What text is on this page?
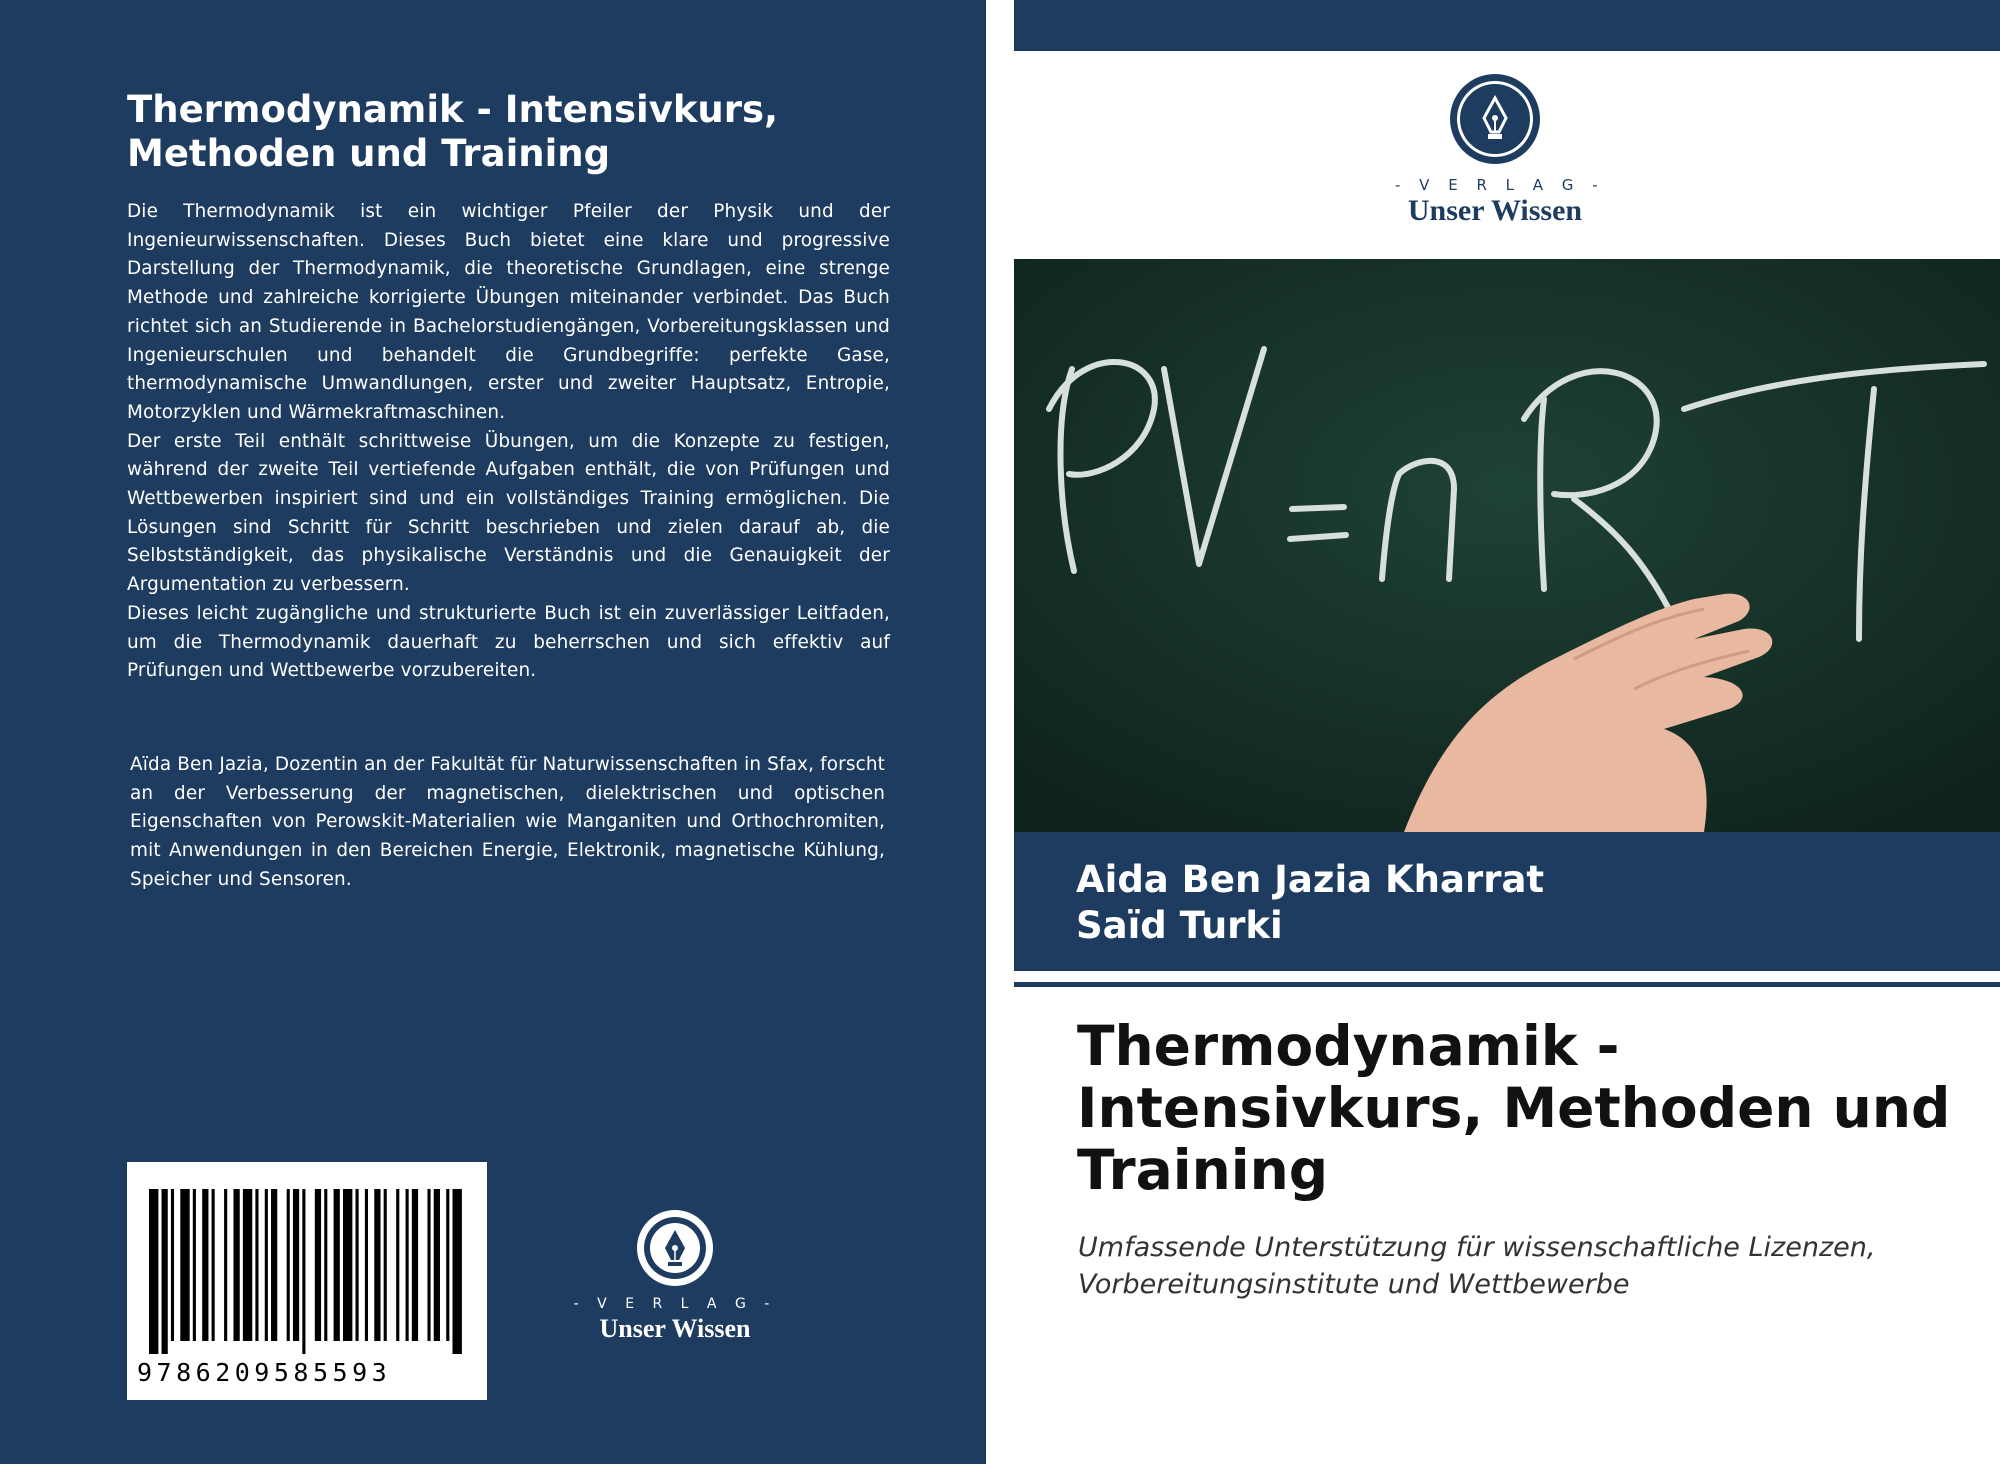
Thermodynamik - Intensivkurs, Methoden und Training

Die Thermodynamik ist ein wichtiger Pfeiler der Physik und der Ingenieurwissenschaften. Dieses Buch bietet eine klare und progressive Darstellung der Thermodynamik, die theoretische Grundlagen, eine strenge Methode und zahlreiche korrigierte Übungen miteinander verbindet. Das Buch richtet sich an Studierende in Bachelorstudiengängen, Vorbereitungsklassen und Ingenieurschulen und behandelt die Grundbegriffe: perfekte Gase, thermodynamische Umwandlungen, erster und zweiter Hauptsatz, Entropie, Motorzyklen und Wärmekraftmaschinen.
Der erste Teil enthält schrittweise Übungen, um die Konzepte zu festigen, während der zweite Teil vertiefende Aufgaben enthält, die von Prüfungen und Wettbewerben inspiriert sind und ein vollständiges Training ermöglichen. Die Lösungen sind Schritt für Schritt beschrieben und zielen darauf ab, die Selbstständigkeit, das physikalische Verständnis und die Genauigkeit der Argumentation zu verbessern.
Dieses leicht zugängliche und strukturierte Buch ist ein zuverlässiger Leitfaden, um die Thermodynamik dauerhaft zu beherrschen und sich effektiv auf Prüfungen und Wettbewerbe vorzubereiten.

Aïda Ben Jazia, Dozentin an der Fakultät für Naturwissenschaften in Sfax, forscht an der Verbesserung der magnetischen, dielektrischen und optischen Eigenschaften von Perowskit-Materialien wie Manganiten und Orthochromiten, mit Anwendungen in den Bereichen Energie, Elektronik, magnetische Kühlung, Speicher und Sensoren.

9786209585593
- V E R L A G -
Unser Wissen
- V E R L A G -
Unser Wissen

Aida Ben Jazia Kharrat

Saïd Turki

Thermodynamik - Intensivkurs, Methoden und Training

Umfassende Unterstützung für wissenschaftliche Lizenzen, Vorbereitungsinstitute und Wettbewerbe
